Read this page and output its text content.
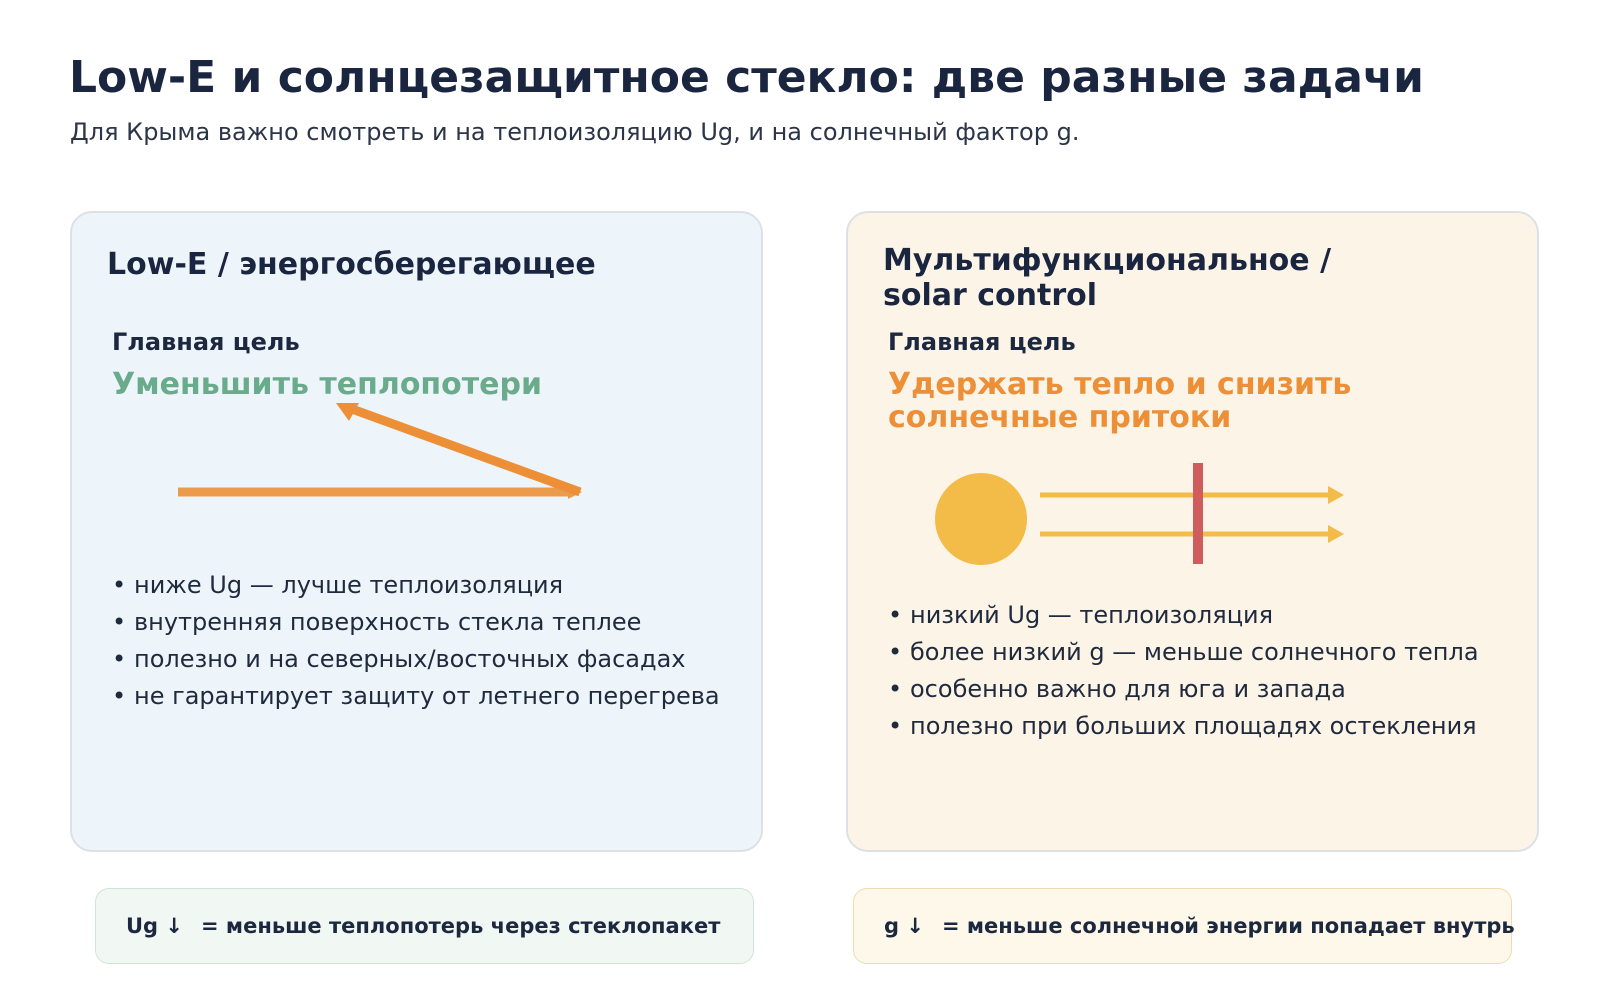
Low-E и солнцезащитное стекло: две разные задачи

Для Крыма важно смотреть и на теплоизоляцию Ug, и на солнечный фактор g.

Low-E / энергосберегающее
Главная цель
Уменьшить теплопотери
• ниже Ug — лучше теплоизоляция
• внутренняя поверхность стекла теплее
• полезно и на северных/восточных фасадах
• не гарантирует защиту от летнего перегрева
Мультифункциональное / solar control
Главная цель
Удержать тепло и снизить солнечные притоки
• низкий Ug — теплоизоляция
• более низкий g — меньше солнечного тепла
• особенно важно для юга и запада
• полезно при больших площадях остекления
Ug ↓ = меньше теплопотерь через стеклопакет	g ↓ = меньше солнечной энергии попадает внутрь
